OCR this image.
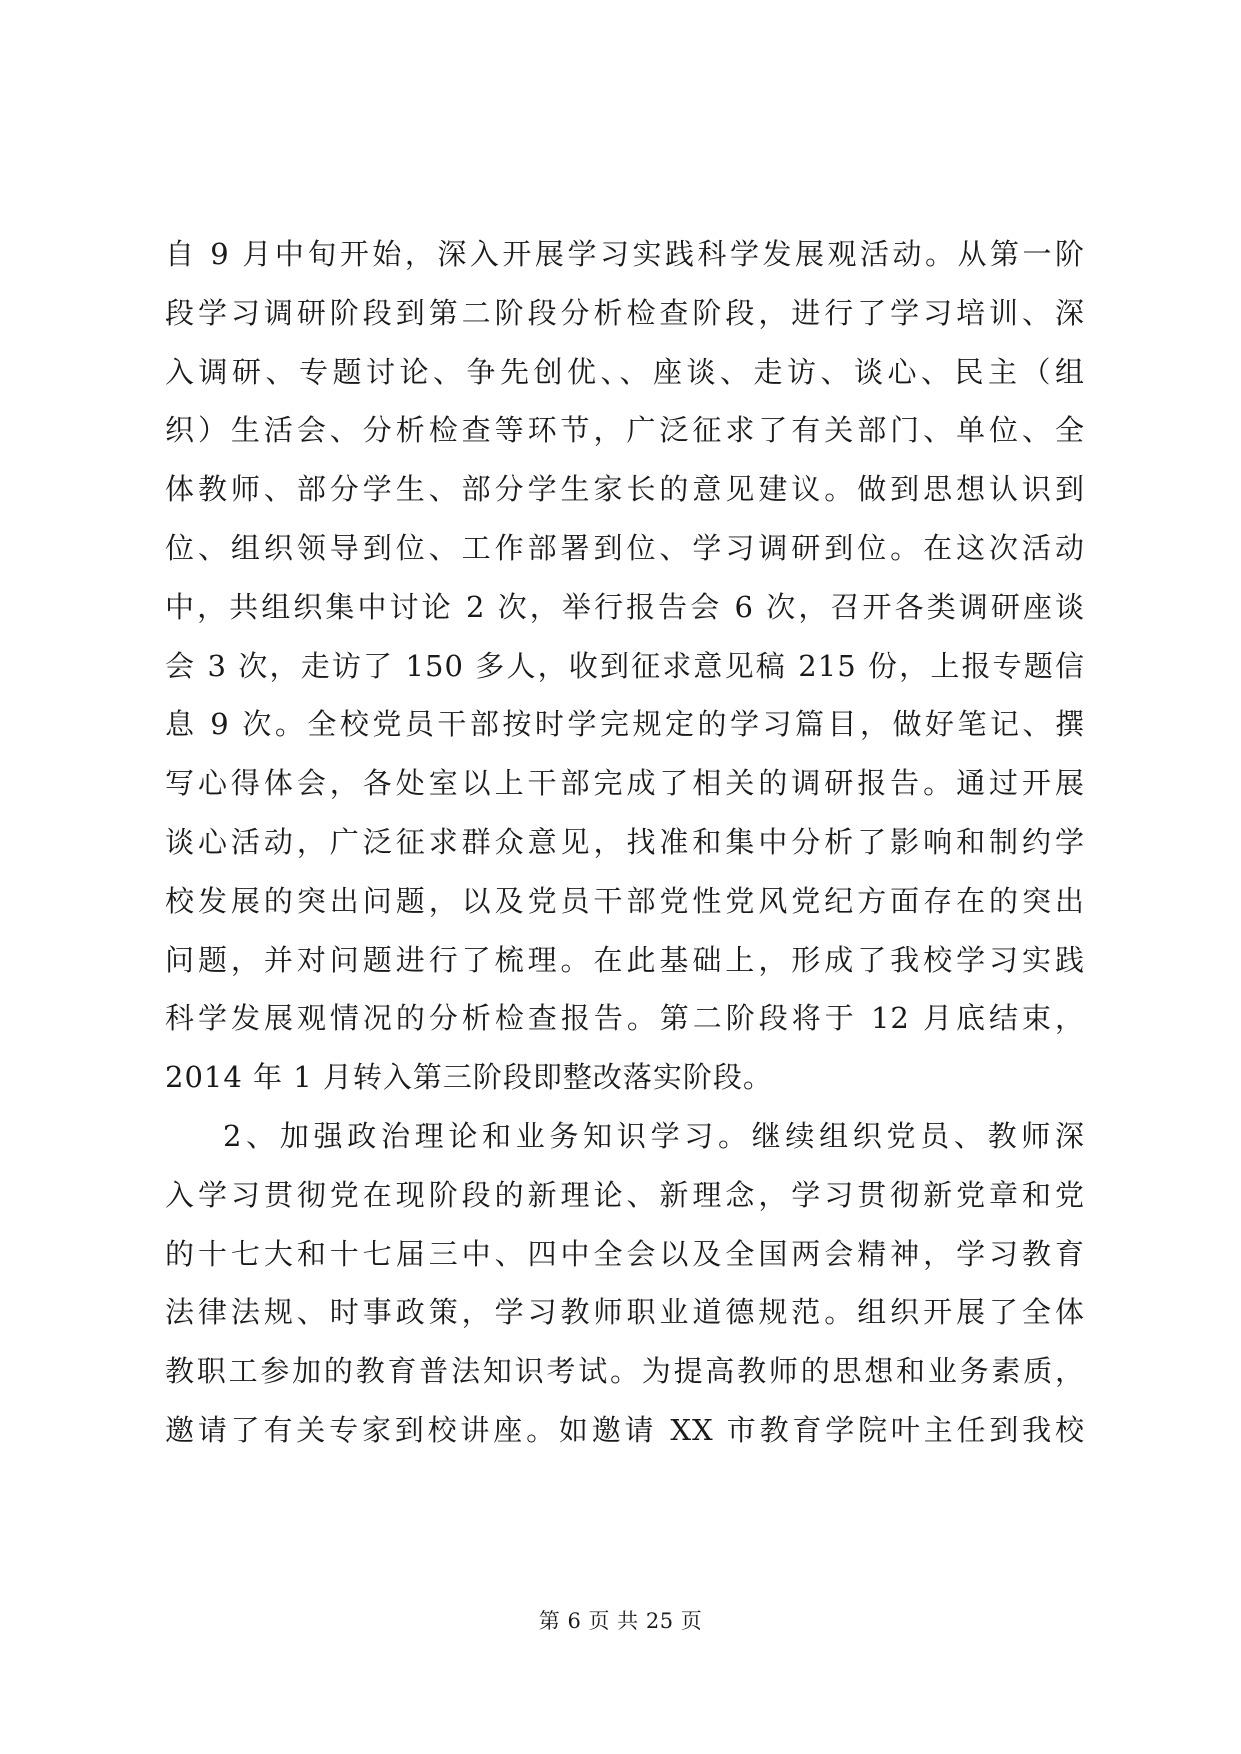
自 9 月中旬开始，深入开展学习实践科学发展观活动。从第一阶
段学习调研阶段到第二阶段分析检查阶段，进行了学习培训、深
入调研、专题讨论、争先创优、、座谈、走访、谈心、民主（组
织）生活会、分析检查等环节，广泛征求了有关部门、单位、全
体教师、部分学生、部分学生家长的意见建议。做到思想认识到
位、组织领导到位、工作部署到位、学习调研到位。在这次活动
中，共组织集中讨论 2 次，举行报告会 6 次，召开各类调研座谈
会 3 次，走访了 150 多人，收到征求意见稿 215 份，上报专题信
息 9 次。全校党员干部按时学完规定的学习篇目，做好笔记、撰
写心得体会，各处室以上干部完成了相关的调研报告。通过开展
谈心活动，广泛征求群众意见，找准和集中分析了影响和制约学
校发展的突出问题，以及党员干部党性党风党纪方面存在的突出
问题，并对问题进行了梳理。在此基础上，形成了我校学习实践
科学发展观情况的分析检查报告。第二阶段将于 12 月底结束，
2014 年 1 月转入第三阶段即整改落实阶段。
2、加强政治理论和业务知识学习。继续组织党员、教师深
入学习贯彻党在现阶段的新理论、新理念，学习贯彻新党章和党
的十七大和十七届三中、四中全会以及全国两会精神，学习教育
法律法规、时事政策，学习教师职业道德规范。组织开展了全体
教职工参加的教育普法知识考试。为提高教师的思想和业务素质，
邀请了有关专家到校讲座。如邀请 XX 市教育学院叶主任到我校
第 6 页 共 25 页
